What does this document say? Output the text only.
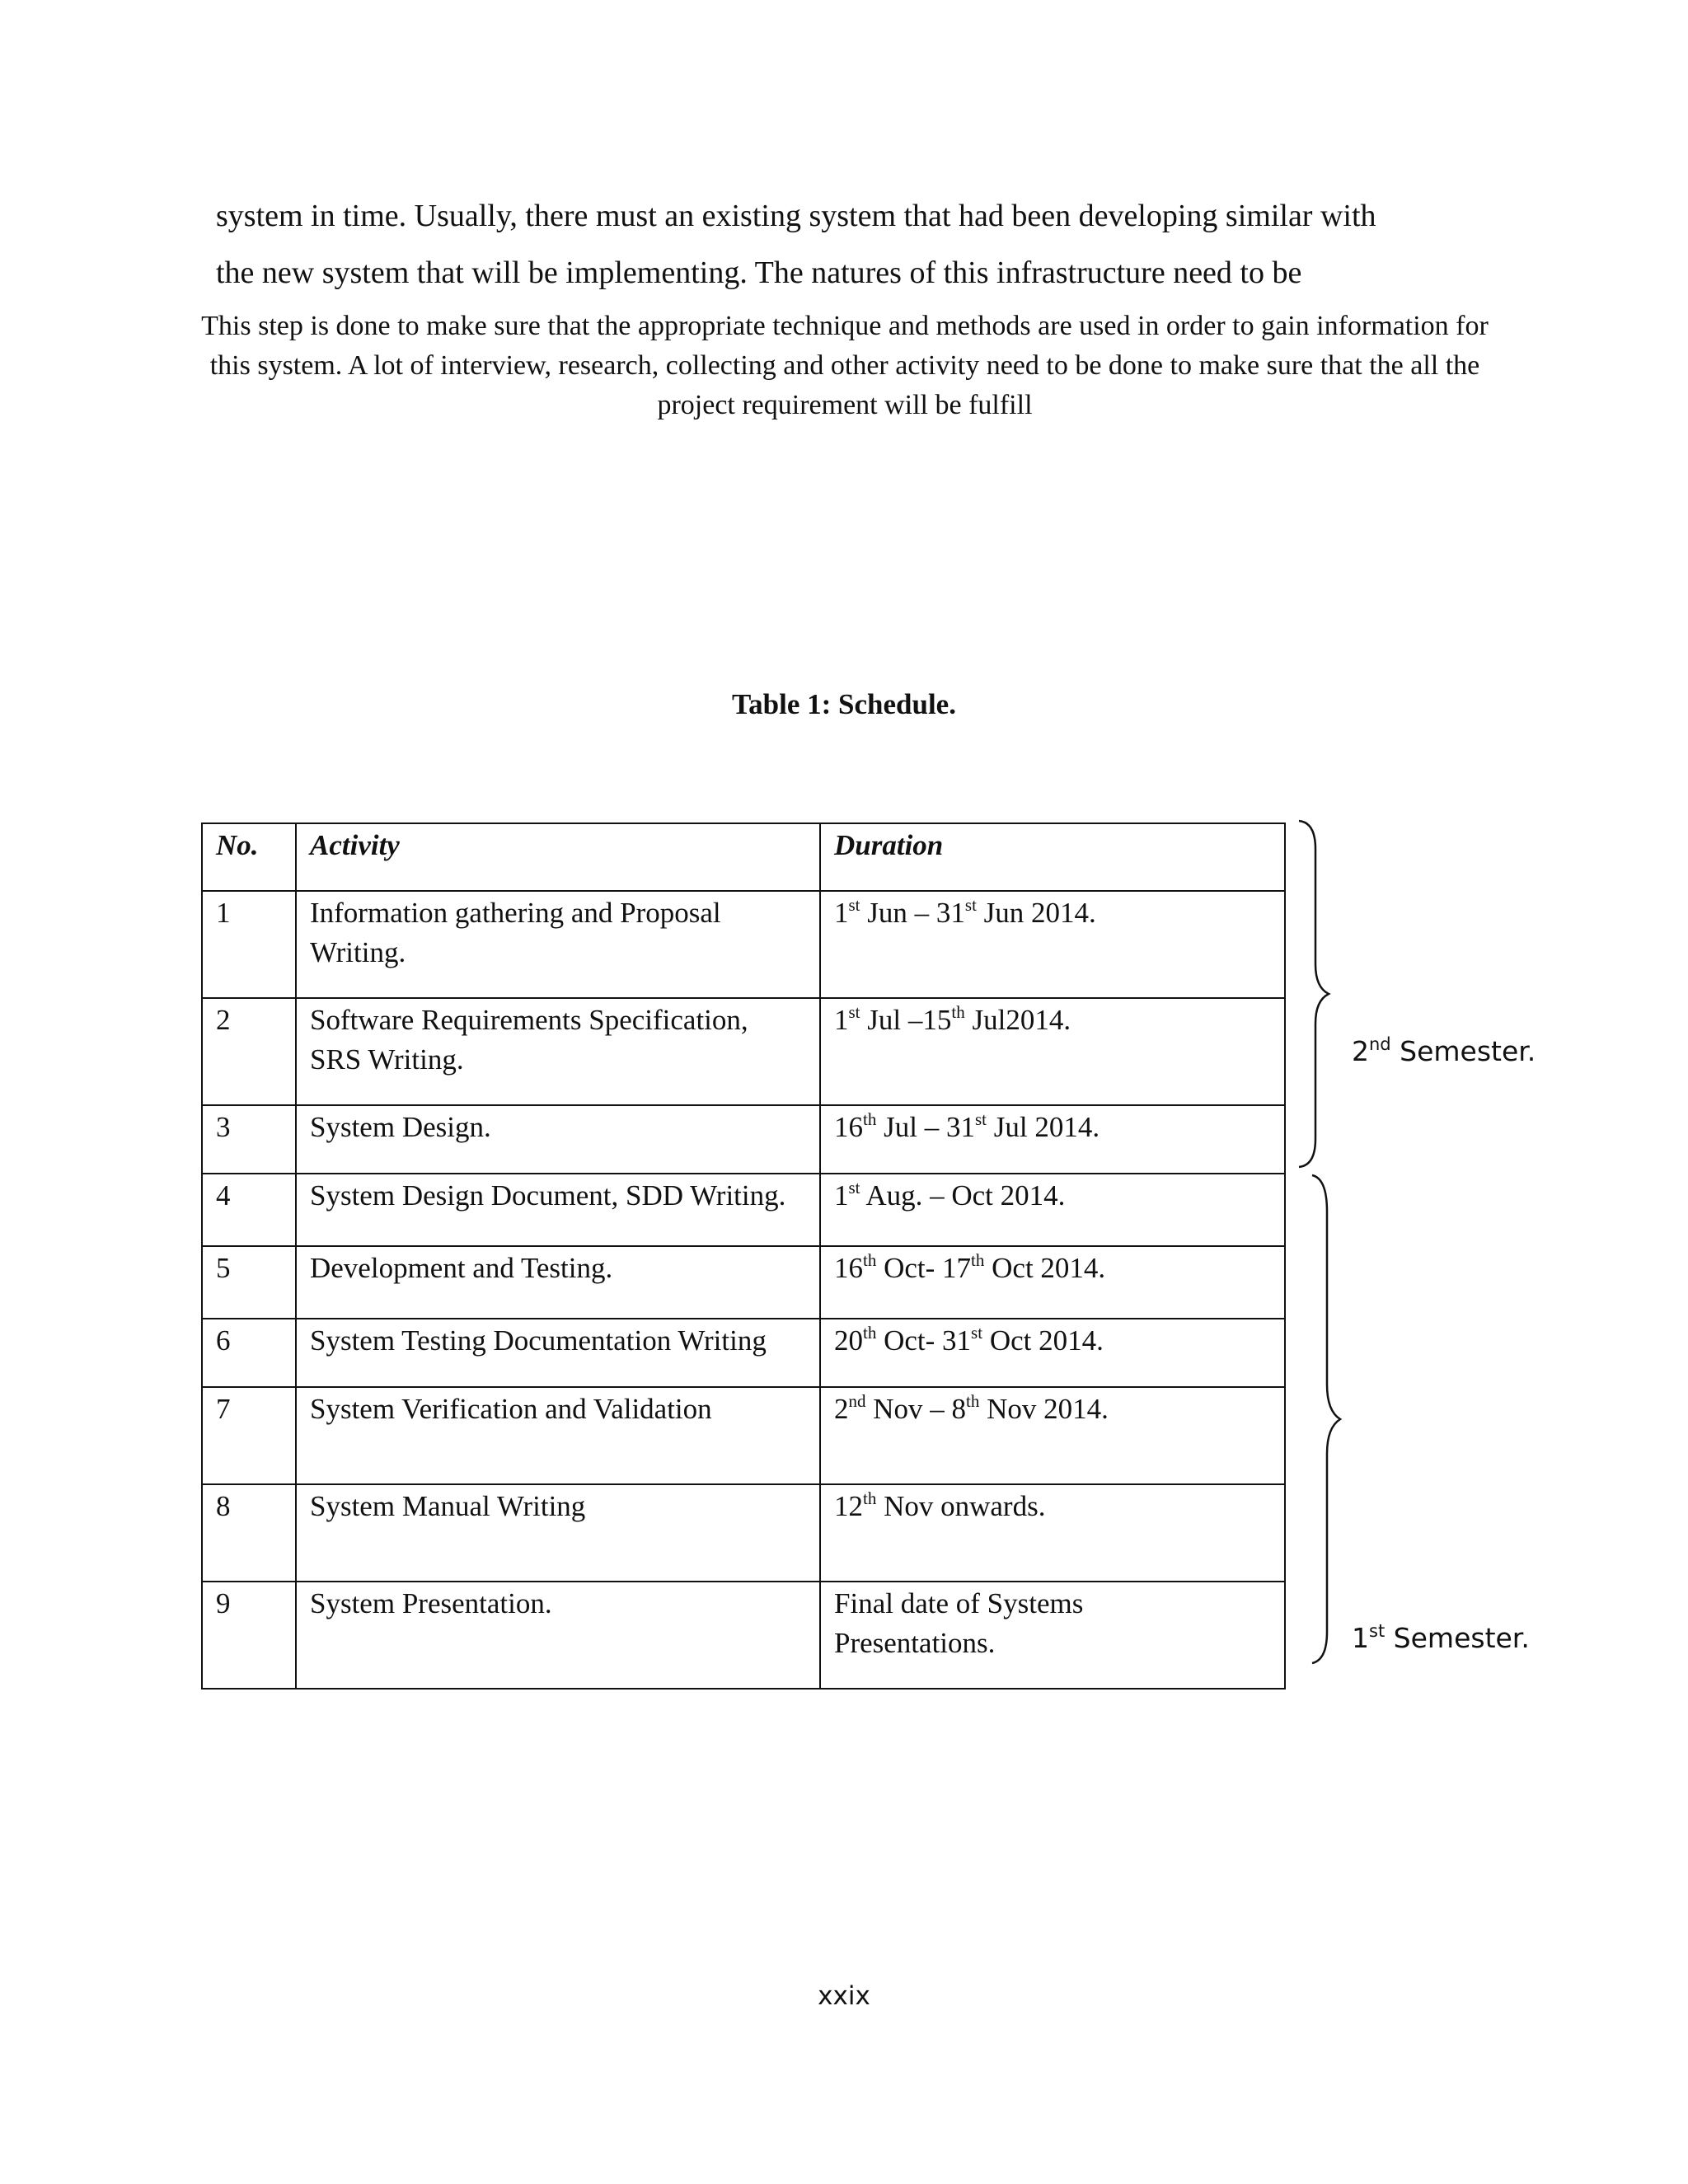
system in time. Usually, there must an existing system that had been developing similar with
the new system that will be implementing. The natures of this infrastructure need to be

This step is done to make sure that the appropriate technique and methods are used in order to gain information for this system. A lot of interview, research, collecting and other activity need to be done to make sure that the all the project requirement will be fulfill

Table 1: Schedule.
No.	Activity	Duration
1	Information gathering and Proposal Writing.	1st Jun – 31st Jun 2014.
2	Software Requirements Specification, SRS Writing.	1st Jul –15th Jul2014.
3	System Design.	16th Jul – 31st Jul 2014.
4	System Design Document, SDD Writing.	1st Aug. – Oct 2014.
5	Development and Testing.	16th Oct- 17th Oct 2014.
6	System Testing Documentation Writing	20th Oct- 31st Oct 2014.
7	System Verification and Validation	2nd Nov – 8th Nov 2014.
8	System Manual Writing	12th Nov onwards.
9	System Presentation.	Final date of Systems Presentations.
2nd Semester.
1st Semester.
xxix
